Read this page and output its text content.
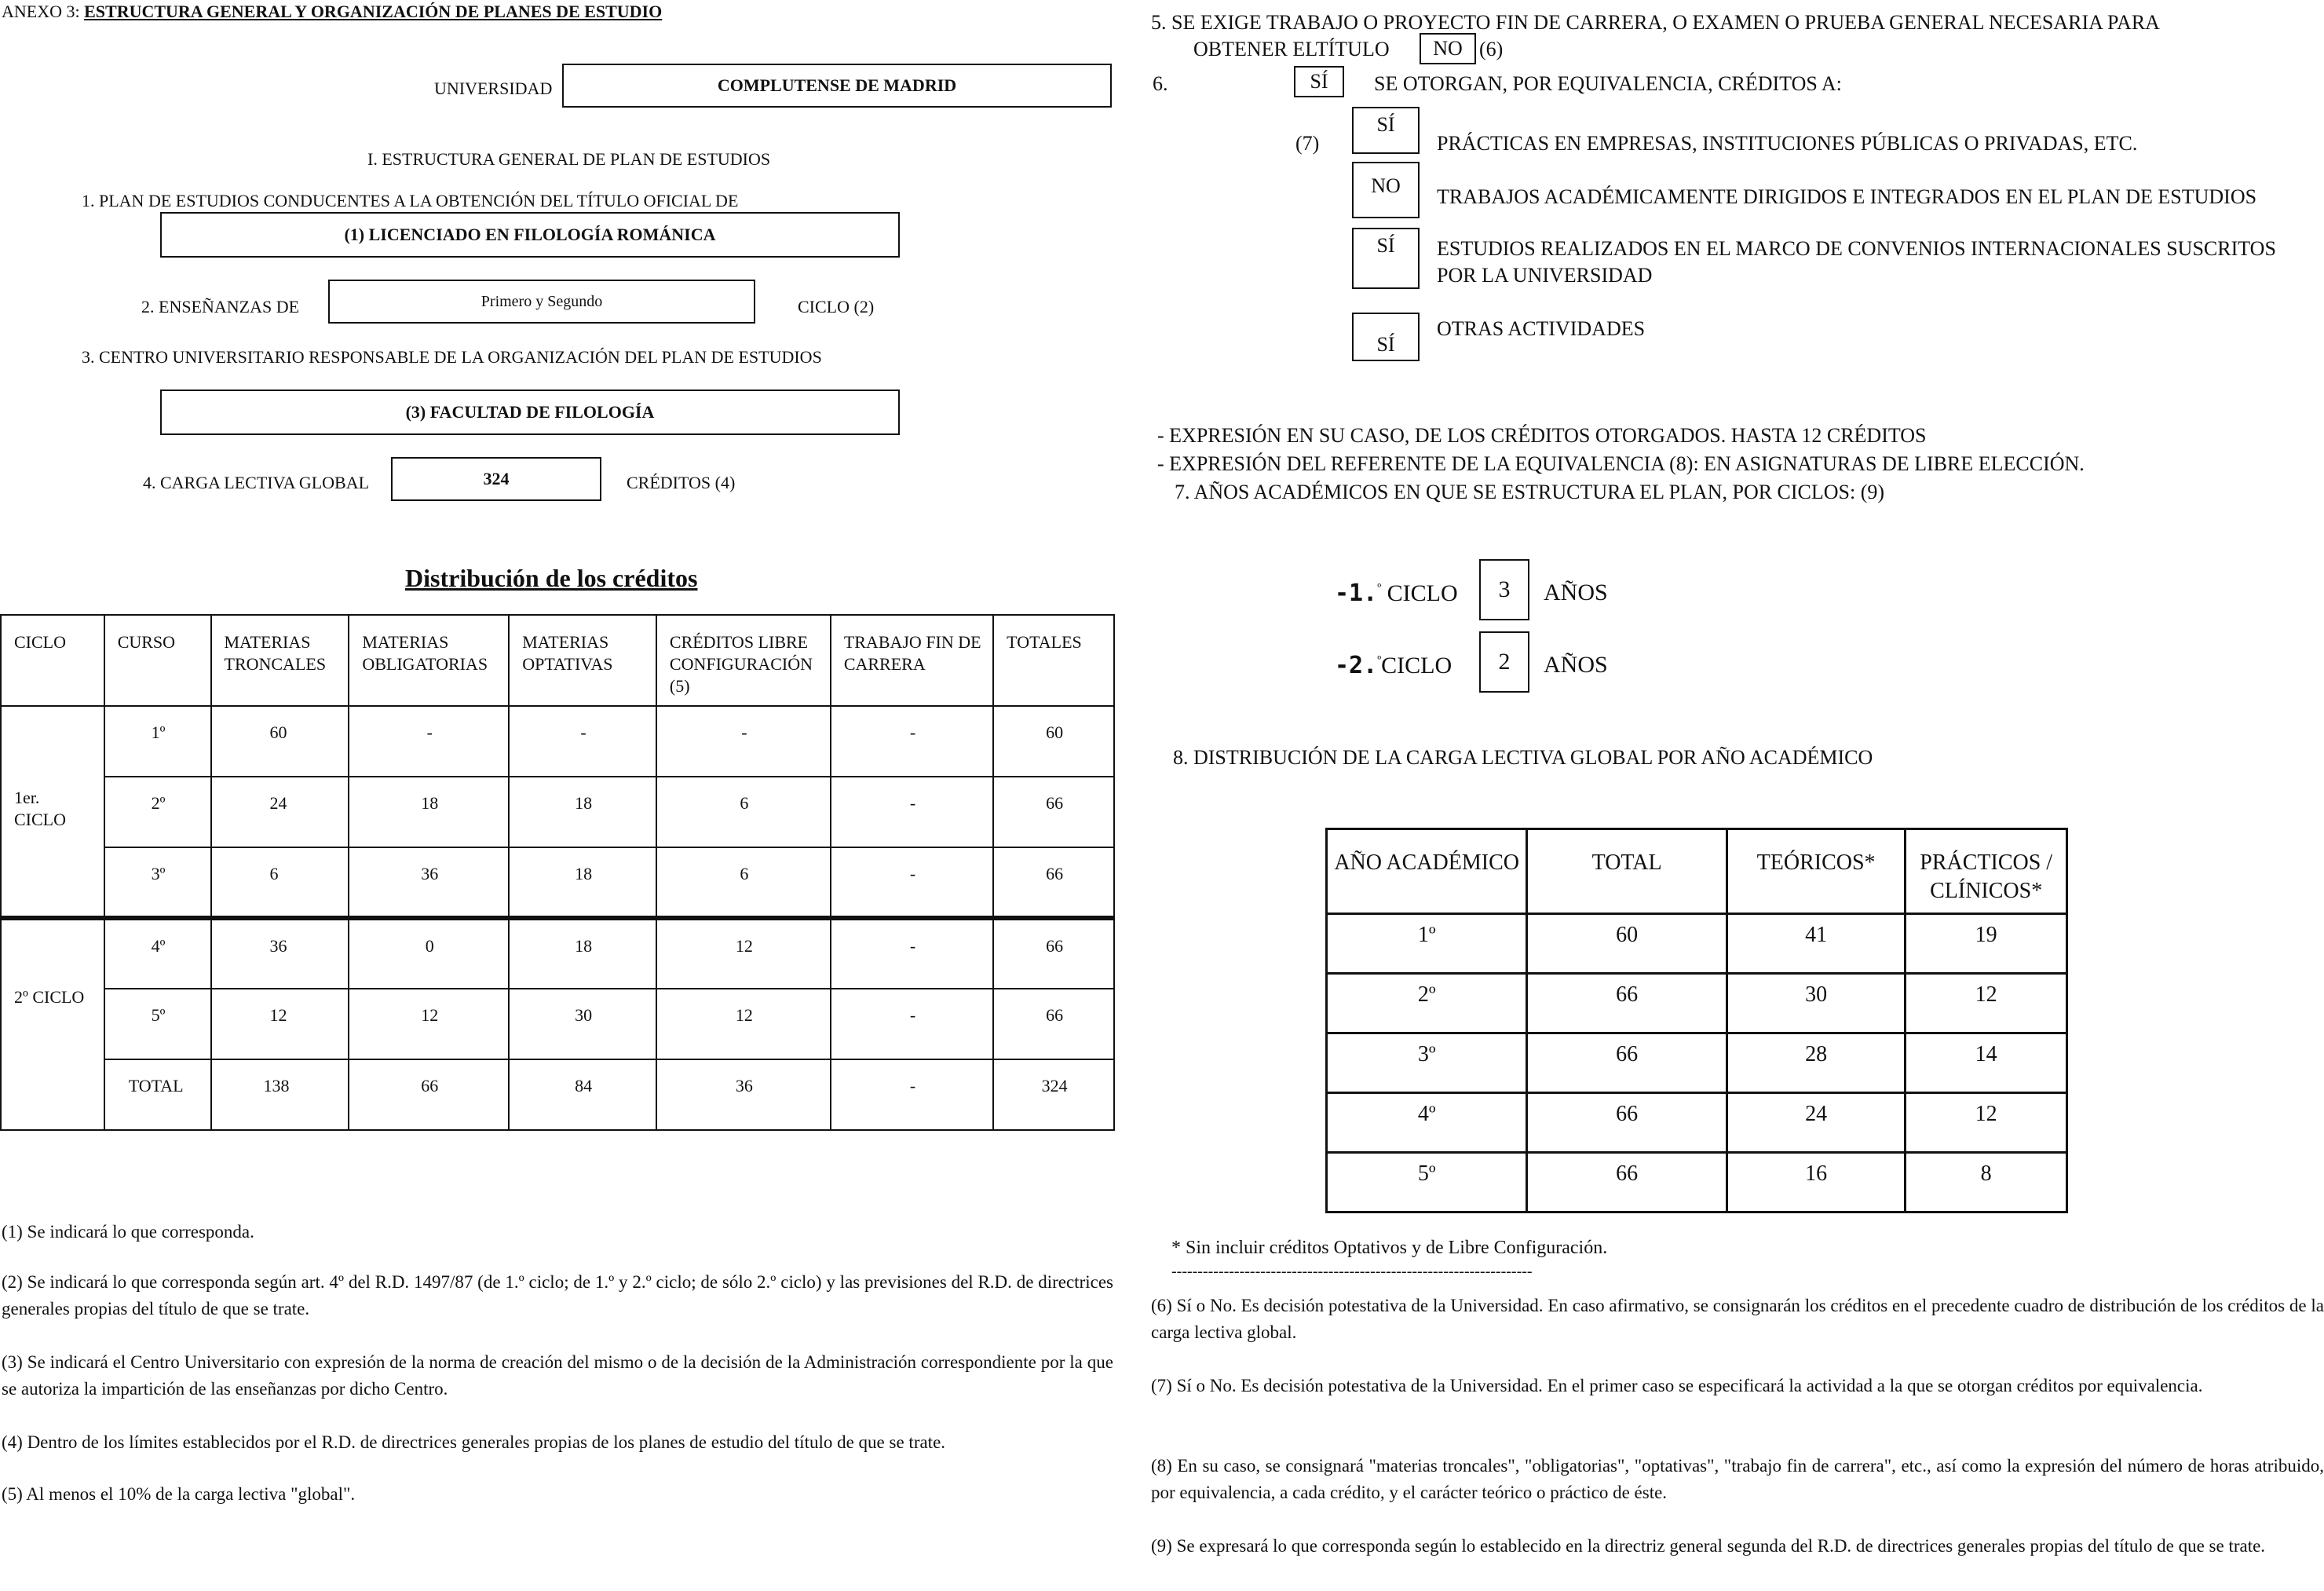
ANEXO 3: ESTRUCTURA GENERAL Y ORGANIZACIÓN DE PLANES DE ESTUDIO
UNIVERSIDAD	COMPLUTENSE DE MADRID
I. ESTRUCTURA GENERAL DE PLAN DE ESTUDIOS
1. PLAN DE ESTUDIOS CONDUCENTES A LA OBTENCIÓN DEL TÍTULO OFICIAL DE
(1) LICENCIADO EN FILOLOGÍA ROMÁNICA
2. ENSEÑANZAS DE	Primero y Segundo	CICLO (2)
3. CENTRO UNIVERSITARIO RESPONSABLE DE LA ORGANIZACIÓN DEL PLAN DE ESTUDIOS
(3) FACULTAD DE FILOLOGÍA
4. CARGA LECTIVA GLOBAL	324	CRÉDITOS (4)
Distribución de los créditos
CICLO	CURSO	MATERIAS TRONCALES	MATERIAS OBLIGATORIAS	MATERIAS OPTATIVAS	CRÉDITOS LIBRE CONFIGURACIÓN (5)	TRABAJO FIN DE CARRERA	TOTALES
1er. CICLO	1º	60	-	-	-	-	60
	2º	24	18	18	6	-	66
	3º	6	36	18	6	-	66
2º CICLO	4º	36	0	18	12	-	66
	5º	12	12	30	12	-	66
	TOTAL	138	66	84	36	-	324
(1) Se indicará lo que corresponda.
(2) Se indicará lo que corresponda según art. 4º del R.D. 1497/87 (de 1.º ciclo; de 1.º y 2.º ciclo; de sólo 2.º ciclo) y las previsiones del R.D. de directrices generales propias del título de que se trate.
(3) Se indicará el Centro Universitario con expresión de la norma de creación del mismo o de la decisión de la Administración correspondiente por la que se autoriza la impartición de las enseñanzas por dicho Centro.
(4) Dentro de los límites establecidos por el R.D. de directrices generales propias de los planes de estudio del título de que se trate.
(5) Al menos el 10% de la carga lectiva "global".
5. SE EXIGE TRABAJO O PROYECTO FIN DE CARRERA, O EXAMEN O PRUEBA GENERAL NECESARIA PARA
OBTENER ELTÍTULO	NO (6)
6.	SÍ	SE OTORGAN, POR EQUIVALENCIA, CRÉDITOS A:
(7)
SÍ
PRÁCTICAS EN EMPRESAS, INSTITUCIONES PÚBLICAS O PRIVADAS, ETC.
NO	TRABAJOS ACADÉMICAMENTE DIRIGIDOS E INTEGRADOS EN EL PLAN DE ESTUDIOS
SÍ	ESTUDIOS REALIZADOS EN EL MARCO DE CONVENIOS INTERNACIONALES SUSCRITOS
POR LA UNIVERSIDAD
SÍ
OTRAS ACTIVIDADES
- EXPRESIÓN EN SU CASO, DE LOS CRÉDITOS OTORGADOS. HASTA 12 CRÉDITOS
- EXPRESIÓN DEL REFERENTE DE LA EQUIVALENCIA (8): EN ASIGNATURAS DE LIBRE ELECCIÓN.
7. AÑOS ACADÉMICOS EN QUE SE ESTRUCTURA EL PLAN, POR CICLOS: (9)
-1.$^º$ CICLO	3	AÑOS
-2.$^º$CICLO	2	AÑOS
8. DISTRIBUCIÓN DE LA CARGA LECTIVA GLOBAL POR AÑO ACADÉMICO
AÑO ACADÉMICO	TOTAL	TEÓRICOS*	PRÁCTICOS / CLÍNICOS*
1º	60	41	19
2º	66	30	12
3º	66	28	14
4º	66	24	12
5º	66	16	8
* Sin incluir créditos Optativos y de Libre Configuración.
---------------------------------------------------------------------
(6) Sí o No. Es decisión potestativa de la Universidad. En caso afirmativo, se consignarán los créditos en el precedente cuadro de distribución de los créditos de la carga lectiva global.
(7) Sí o No. Es decisión potestativa de la Universidad. En el primer caso se especificará la actividad a la que se otorgan créditos por equivalencia.
(8) En su caso, se consignará "materias troncales", "obligatorias", "optativas", "trabajo fin de carrera", etc., así como la expresión del número de horas atribuido, por equivalencia, a cada crédito, y el carácter teórico o práctico de éste.
(9) Se expresará lo que corresponda según lo establecido en la directriz general segunda del R.D. de directrices generales propias del título de que se trate.
